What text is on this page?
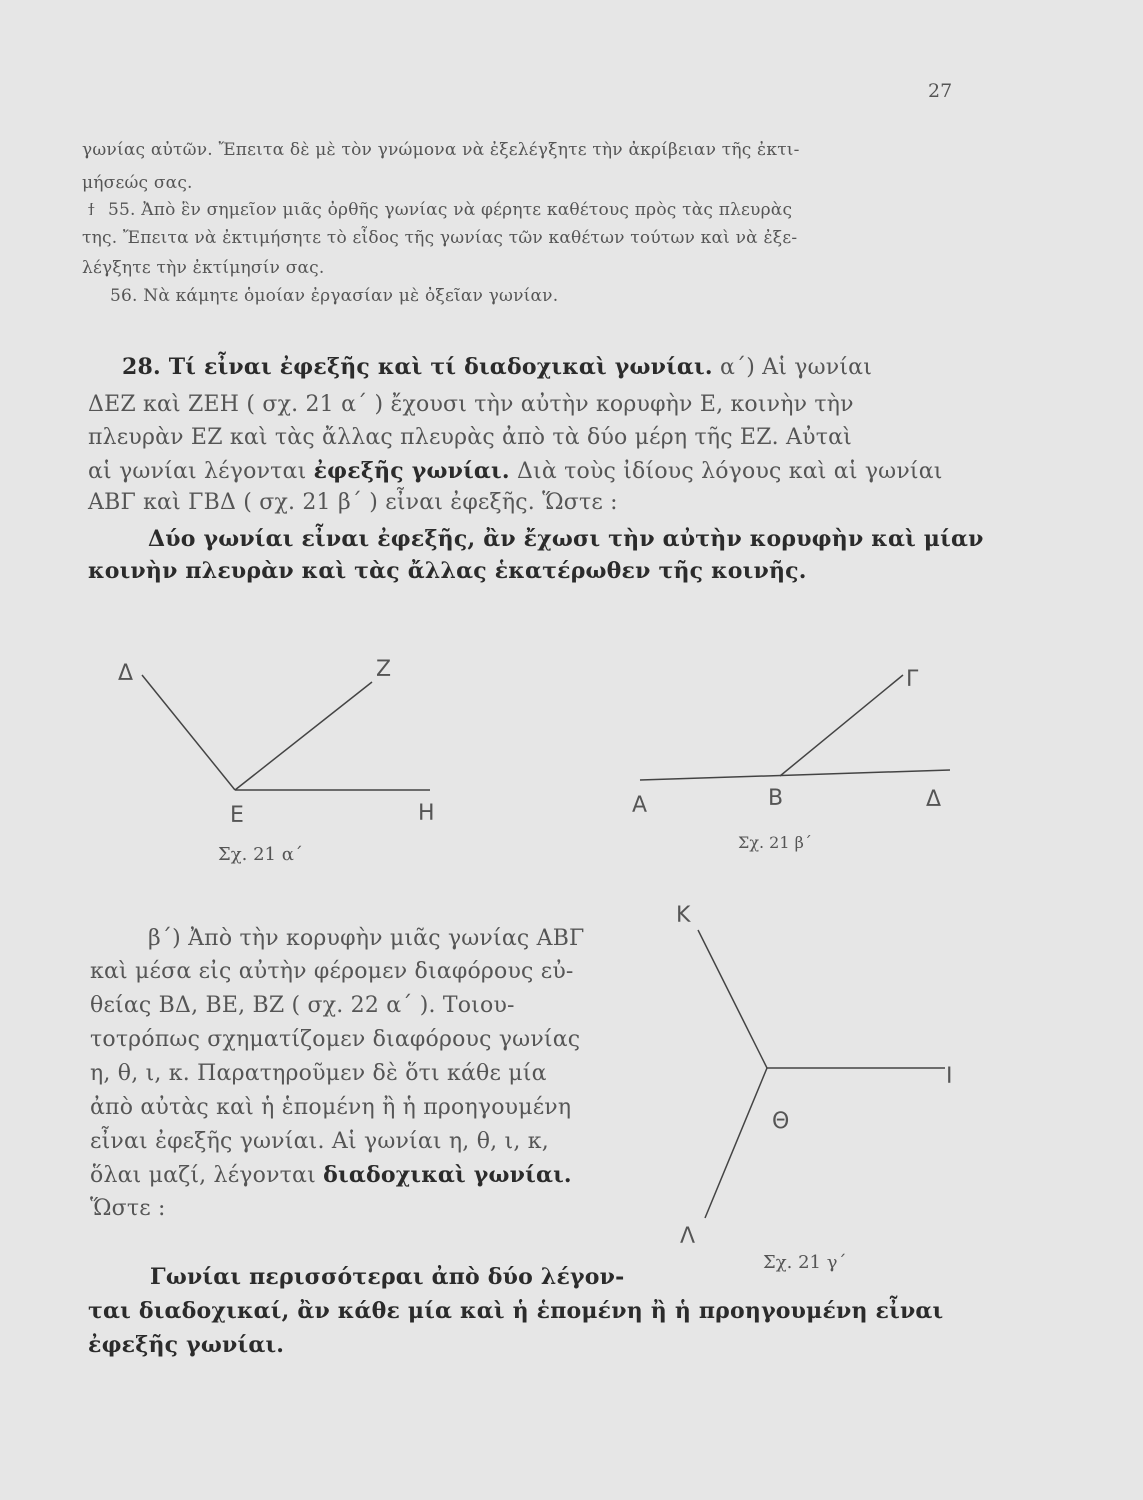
27
γωνίας αὐτῶν. Ἔπειτα δὲ μὲ τὸν γνώμονα νὰ ἐξελέγξητε τὴν ἀκρίβειαν τῆς ἐκτι-
μήσεώς σας.
ϯ 55. Ἀπὸ ἓν σημεῖον μιᾶς ὀρθῆς γωνίας νὰ φέρητε καθέτους πρὸς τὰς πλευρὰς
της. Ἔπειτα νὰ ἐκτιμήσητε τὸ εἶδος τῆς γωνίας τῶν καθέτων τούτων καὶ νὰ ἐξε-
λέγξητε τὴν ἐκτίμησίν σας.
56. Νὰ κάμητε ὁμοίαν ἐργασίαν μὲ ὀξεῖαν γωνίαν.
28. Τί εἶναι ἐφεξῆς καὶ τί διαδοχικαὶ γωνίαι. α΄) Αἱ γωνίαι
ΔΕΖ καὶ ΖΕΗ ( σχ. 21 α΄ ) ἔχουσι τὴν αὐτὴν κορυφὴν Ε, κοινὴν τὴν
πλευρὰν ΕΖ καὶ τὰς ἄλλας πλευρὰς ἀπὸ τὰ δύο μέρη τῆς ΕΖ. Αὐταὶ
αἱ γωνίαι λέγονται ἐφεξῆς γωνίαι. Διὰ τοὺς ἰδίους λόγους καὶ αἱ γωνίαι
ΑΒΓ καὶ ΓΒΔ ( σχ. 21 β΄ ) εἶναι ἐφεξῆς. Ὥστε :
Δύο γωνίαι εἶναι ἐφεξῆς, ἂν ἔχωσι τὴν αὐτὴν κορυφὴν καὶ μίαν
κοινὴν πλευρὰν καὶ τὰς ἄλλας ἑκατέρωθεν τῆς κοινῆς.
Δ	Ζ
Ε	Η
Σχ. 21 α΄
Γ
Α	Β	Δ
Σχ. 21 β΄
β΄) Ἀπὸ τὴν κορυφὴν μιᾶς γωνίας ΑΒΓ
καὶ μέσα εἰς αὐτὴν φέρομεν διαφόρους εὐ-
θείας ΒΔ, ΒΕ, ΒΖ ( σχ. 22 α΄ ). Τοιου-
τοτρόπως σχηματίζομεν διαφόρους γωνίας
η, θ, ι, κ. Παρατηροῦμεν δὲ ὅτι κάθε μία
ἀπὸ αὐτὰς καὶ ἡ ἑπομένη ἢ ἡ προηγουμένη
εἶναι ἐφεξῆς γωνίαι. Αἱ γωνίαι η, θ, ι, κ,
ὅλαι μαζί, λέγονται διαδοχικαὶ γωνίαι.
Ὥστε :
Κ
Ι
Θ
Λ
Σχ. 21 γ΄
Γωνίαι περισσότεραι ἀπὸ δύο λέγον-
ται διαδοχικαί, ἂν κάθε μία καὶ ἡ ἑπομένη ἢ ἡ προηγουμένη εἶναι
ἐφεξῆς γωνίαι.
